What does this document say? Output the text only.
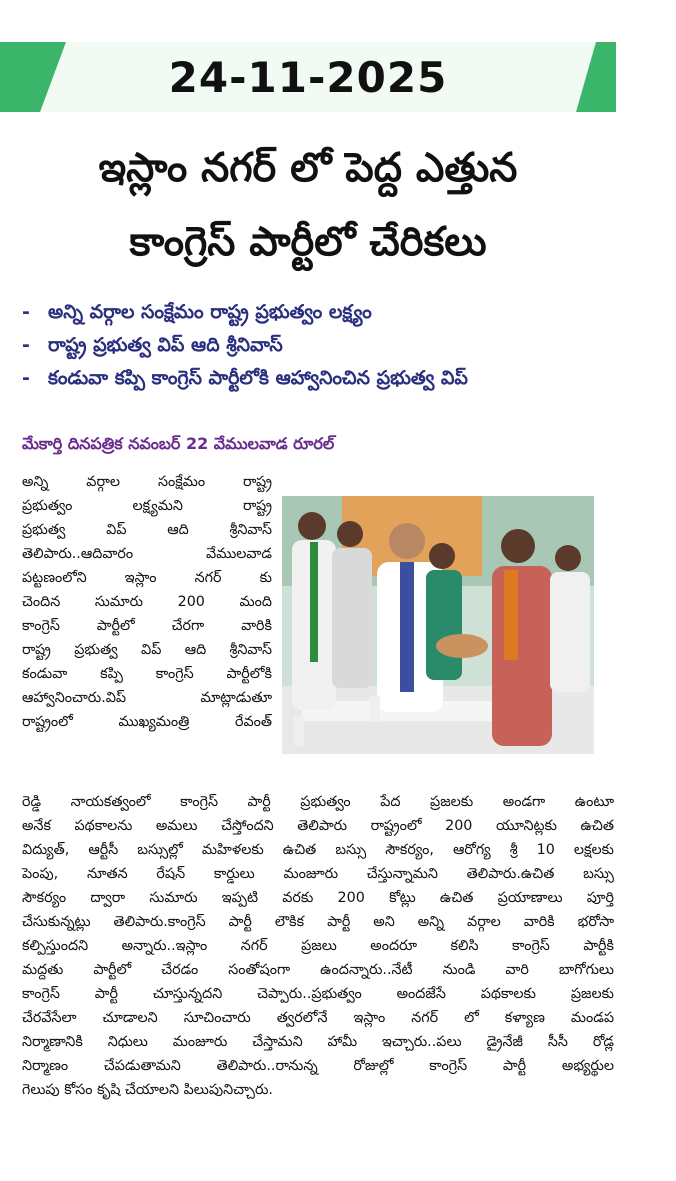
24-11-2025
ఇస్లాం నగర్ లో పెద్ద ఎత్తున
కాంగ్రెస్ పార్టీలో చేరికలు
- అన్ని వర్గాల సంక్షేమం రాష్ట్ర ప్రభుత్వం లక్ష్యం
- రాష్ట్ర ప్రభుత్వ విప్ ఆది శ్రీనివాస్
- కండువా కప్పి కాంగ్రెస్ పార్టీలోకి ఆహ్వానించిన ప్రభుత్వ విప్
మేకార్తి దినపత్రిక నవంబర్ 22 వేములవాడ రూరల్
అన్ని వర్గాల సంక్షేమం రాష్ట్ర
ప్రభుత్వం లక్ష్యమని రాష్ట్ర
ప్రభుత్వ విప్ ఆది శ్రీనివాస్
తెలిపారు..ఆదివారం వేములవాడ
పట్టణంలోని ఇస్లాం నగర్ కు
చెందిన సుమారు 200 మంది
కాంగ్రెస్ పార్టీలో చేరగా వారికి
రాష్ట్ర ప్రభుత్వ విప్ ఆది శ్రీనివాస్
కండువా కప్పి కాంగ్రెస్ పార్టీలోకి
ఆహ్వానించారు.విప్ మాట్లాడుతూ
రాష్ట్రంలో ముఖ్యమంత్రి రేవంత్
రెడ్డి నాయకత్వంలో కాంగ్రెస్ పార్టీ ప్రభుత్వం పేద ప్రజలకు అండగా ఉంటూ
అనేక పథకాలను అమలు చేస్తోందని తెలిపారు రాష్ట్రంలో 200 యూనిట్లకు ఉచిత
విద్యుత్, ఆర్టీసీ బస్సుల్లో మహిళలకు ఉచిత బస్సు సౌకర్యం, ఆరోగ్య శ్రీ 10 లక్షలకు
పెంపు, నూతన రేషన్ కార్డులు మంజూరు చేస్తున్నామని తెలిపారు.ఉచిత బస్సు
సౌకర్యం ద్వారా సుమారు ఇప్పటి వరకు 200 కోట్లు ఉచిత ప్రయాణాలు పూర్తి
చేసుకున్నట్లు తెలిపారు.కాంగ్రెస్ పార్టీ లౌకిక పార్టీ అని అన్ని వర్గాల వారికి భరోసా
కల్పిస్తుందని అన్నారు..ఇస్లాం నగర్ ప్రజలు అందరూ కలిసి కాంగ్రెస్ పార్టీకి
మద్దతు పార్టీలో చేరడం సంతోషంగా ఉందన్నారు..నేటీ నుండి వారి బాగోగులు
కాంగ్రెస్ పార్టీ చూస్తున్నదని చెప్పారు..ప్రభుత్వం అందజేసే పథకాలకు ప్రజలకు
చేరవేసేలా చూడాలని సూచించారు త్వరలోనే ఇస్లాం నగర్ లో కళ్యాణ మండప
నిర్మాణానికి నిధులు మంజూరు చేస్తామని హామీ ఇచ్చారు..పలు డ్రైనేజీ సీసీ రోడ్ల
నిర్మాణం చేపడుతామని తెలిపారు..రానున్న రోజుల్లో కాంగ్రెస్ పార్టీ అభ్యర్థుల
గెలుపు కోసం కృషి చేయాలని పిలుపునిచ్చారు.
